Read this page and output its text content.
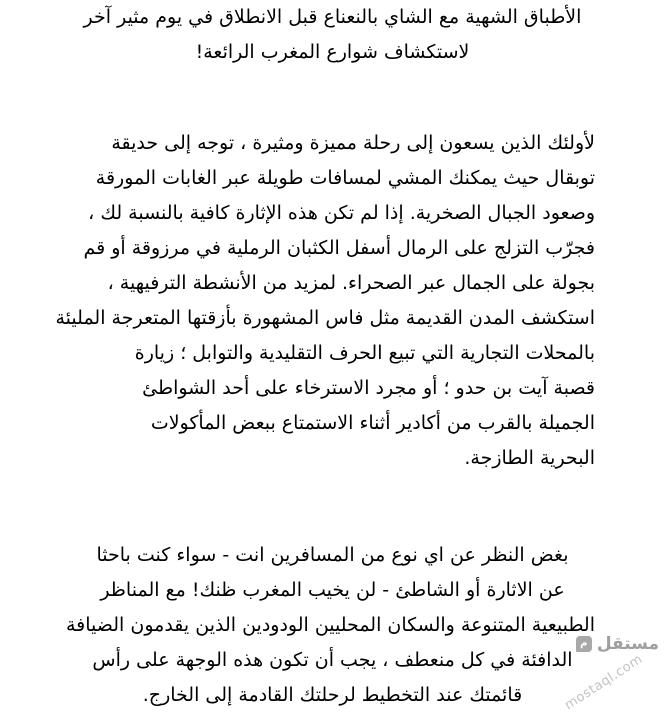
الأطباق الشهية مع الشاي بالنعناع قبل الانطلاق في يوم مثير آخر
لاستكشاف شوارع المغرب الرائعة!
لأولئك الذين يسعون إلى رحلة مميزة ومثيرة ، توجه إلى حديقة
توبقال حيث يمكنك المشي لمسافات طويلة عبر الغابات المورقة
وصعود الجبال الصخرية. إذا لم تكن هذه الإثارة كافية بالنسبة لك ،
فجرّب التزلج على الرمال أسفل الكثبان الرملية في مرزوقة أو قم
بجولة على الجمال عبر الصحراء. لمزيد من الأنشطة الترفيهية ،
استكشف المدن القديمة مثل فاس المشهورة بأزقتها المتعرجة المليئة
بالمحلات التجارية التي تبيع الحرف التقليدية والتوابل ؛ زيارة
قصبة آيت بن حدو ؛ أو مجرد الاسترخاء على أحد الشواطئ
الجميلة بالقرب من أكادير أثناء الاستمتاع ببعض المأكولات
البحرية الطازجة.
بغض النظر عن اي نوع من المسافرين انت - سواء كنت باحثا
عن الاثارة أو الشاطئ - لن يخيب المغرب ظنك! مع المناظر
الطبيعية المتنوعة والسكان المحليين الودودين الذين يقدمون الضيافة
الدافئة في كل منعطف ، يجب أن تكون هذه الوجهة على رأس
قائمتك عند التخطيط لرحلتك القادمة إلى الخارج.
م مستقل
mostaql.com
